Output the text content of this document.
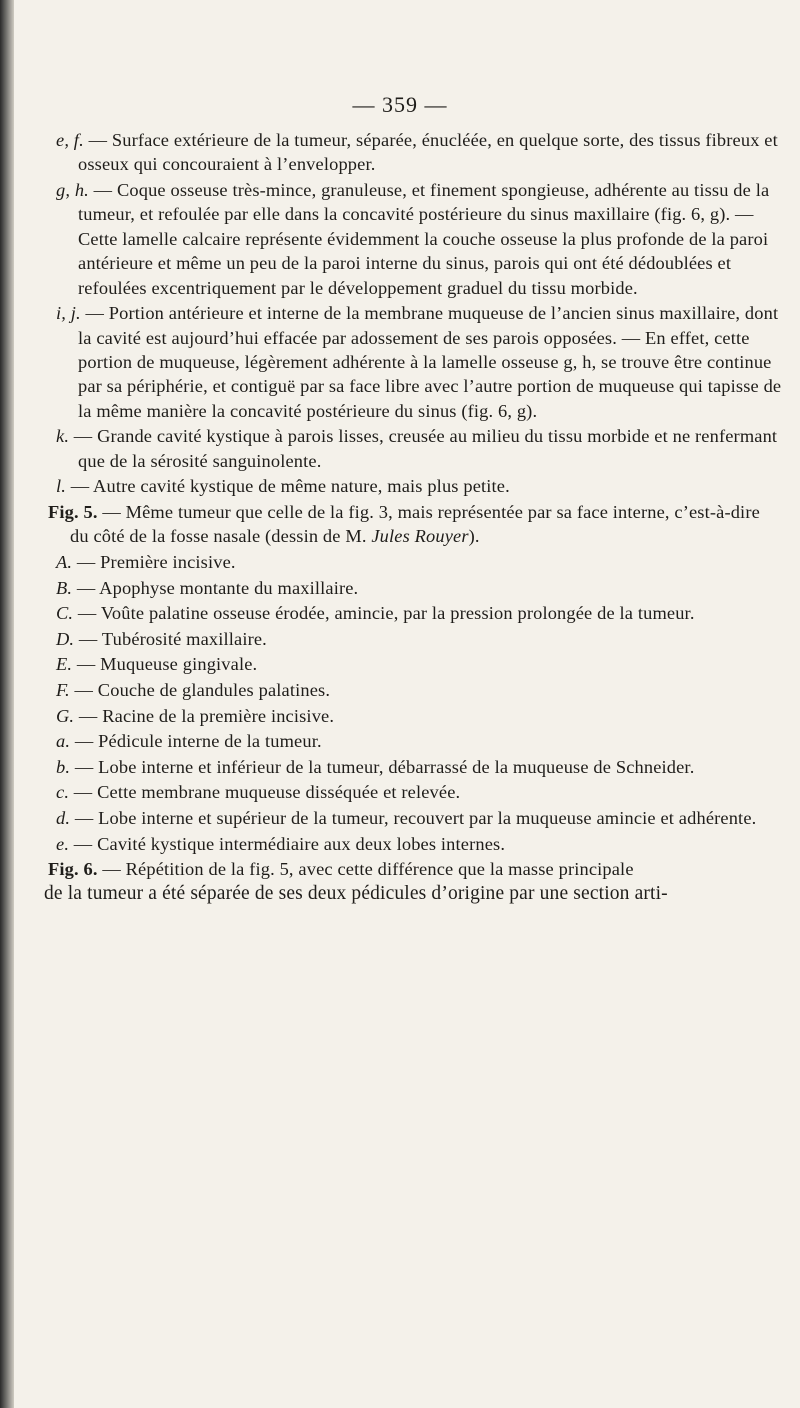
— 359 —

e, f. — Surface extérieure de la tumeur, séparée, énucléée, en quelque sorte, des tissus fibreux et osseux qui concouraient à l’envelopper.

g, h. — Coque osseuse très-mince, granuleuse, et finement spongieuse, adhérente au tissu de la tumeur, et refoulée par elle dans la concavité postérieure du sinus maxillaire (fig. 6, g). — Cette lamelle calcaire représente évidemment la couche osseuse la plus profonde de la paroi antérieure et même un peu de la paroi interne du sinus, parois qui ont été dédoublées et refoulées excentriquement par le développement graduel du tissu morbide.

i, j. — Portion antérieure et interne de la membrane muqueuse de l’ancien sinus maxillaire, dont la cavité est aujourd’hui effacée par adossement de ses parois opposées. — En effet, cette portion de muqueuse, légèrement adhérente à la lamelle osseuse g, h, se trouve être continue par sa périphérie, et contiguë par sa face libre avec l’autre portion de muqueuse qui tapisse de la même manière la concavité postérieure du sinus (fig. 6, g).

k. — Grande cavité kystique à parois lisses, creusée au milieu du tissu morbide et ne renfermant que de la sérosité sanguinolente.

l. — Autre cavité kystique de même nature, mais plus petite.

Fig. 5. — Même tumeur que celle de la fig. 3, mais représentée par sa face interne, c’est-à-dire du côté de la fosse nasale (dessin de M. Jules Rouyer).

A. — Première incisive.

B. — Apophyse montante du maxillaire.

C. — Voûte palatine osseuse érodée, amincie, par la pression prolongée de la tumeur.

D. — Tubérosité maxillaire.

E. — Muqueuse gingivale.

F. — Couche de glandules palatines.

G. — Racine de la première incisive.

a. — Pédicule interne de la tumeur.

b. — Lobe interne et inférieur de la tumeur, débarrassé de la muqueuse de Schneider.

c. — Cette membrane muqueuse disséquée et relevée.

d. — Lobe interne et supérieur de la tumeur, recouvert par la muqueuse amincie et adhérente.

e. — Cavité kystique intermédiaire aux deux lobes internes.

Fig. 6. — Répétition de la fig. 5, avec cette différence que la masse principale

de la tumeur a été séparée de ses deux pédicules d’origine par une section arti-
